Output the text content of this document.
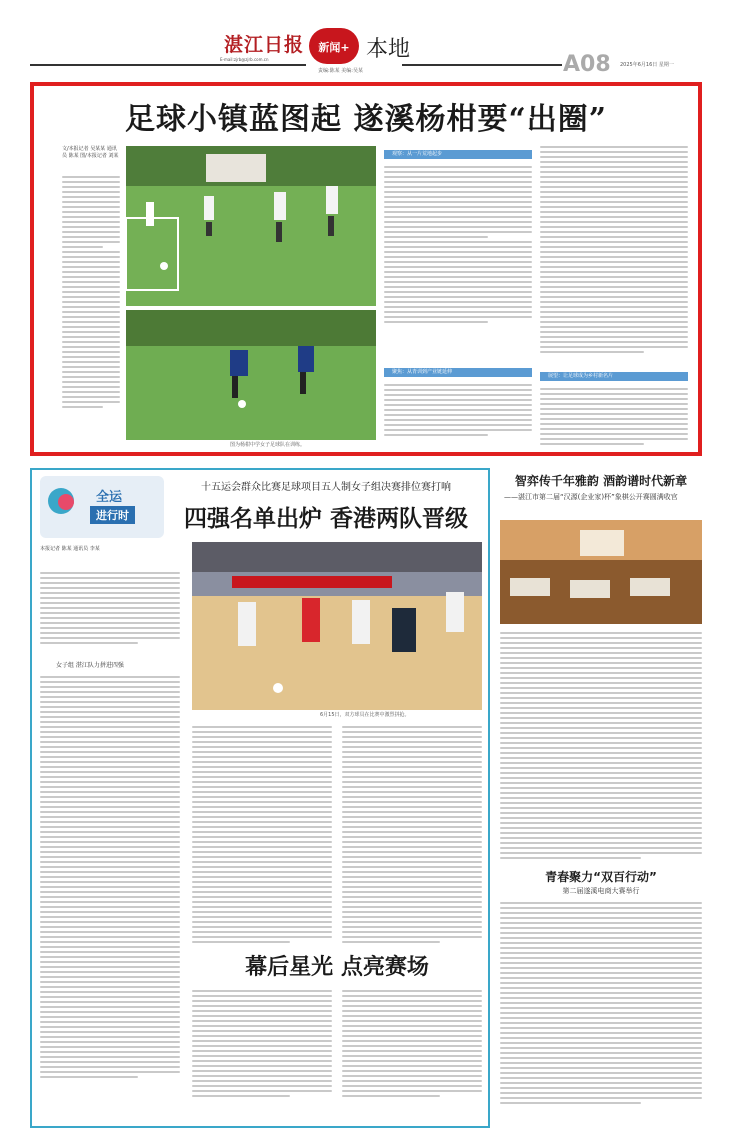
湛江日报
E-mail:zjrb@zjrb.com.cn
新闻+ 本地
责编:陈某 美编:吴某	A08 2025年6月16日 星期一
足球小镇蓝图起 遂溪杨柑要“出圈”
文/本报记者 吴某某 通讯员 陈某 图/本报记者 刘某
图为杨柑中学女子足球队在训练。
观察：从一片荒地起步
聚焦：从青训到产业链延伸
展望：让足球成为乡村新名片
全运
进行时
十五运会群众比赛足球项目五人制女子组决赛排位赛打响
四强名单出炉 香港两队晋级
本报记者 陈某 通讯员 李某
6月15日，双方球员在比赛中激烈拼抢。
女子组 湛江队力拼进四强
幕后星光 点亮赛场
智弈传千年雅韵 酒韵谱时代新章
——湛江市第二届“汉源(企业家)杯”象棋公开赛圆满收官
青春聚力“双百行动”
第二届遂溪电商大赛举行
